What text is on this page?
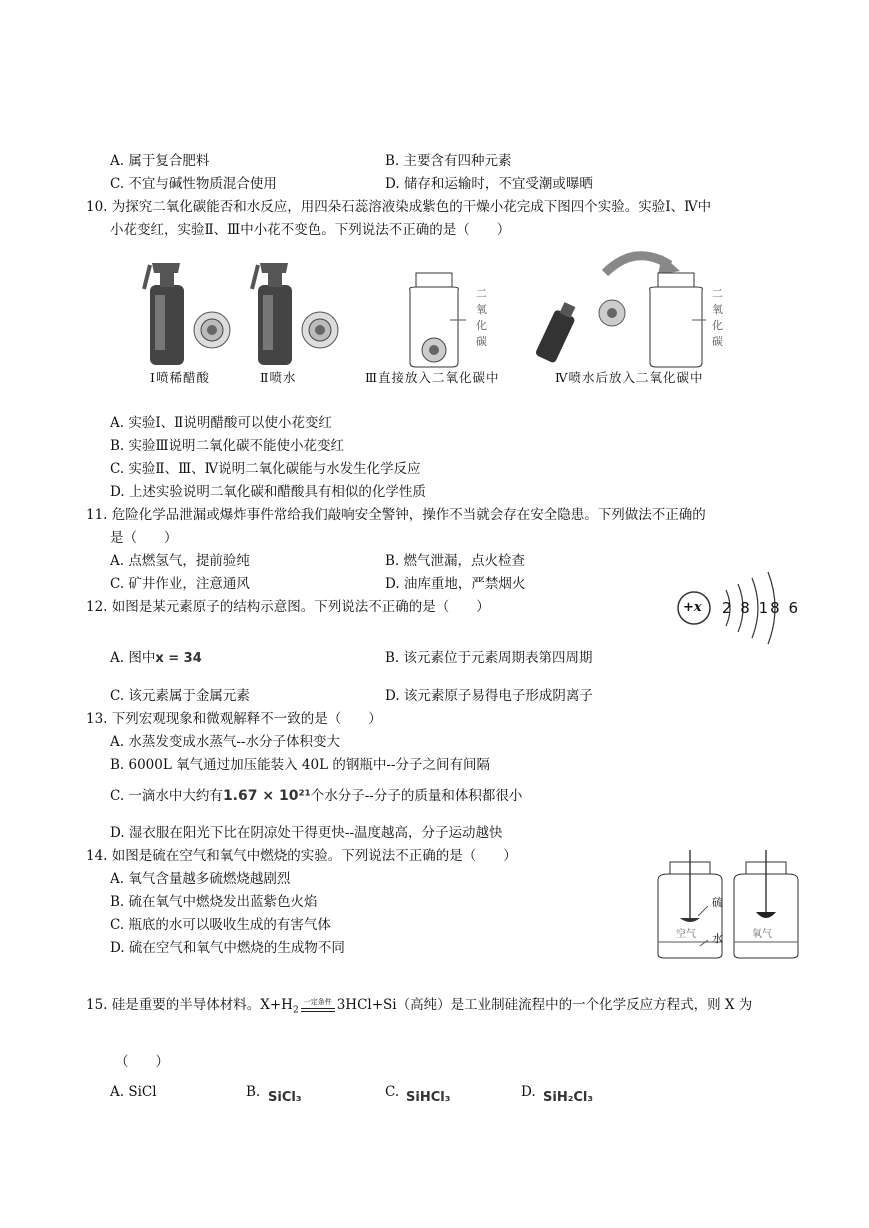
A. 属于复合肥料	B. 主要含有四种元素
C. 不宜与碱性物质混合使用	D. 储存和运输时，不宜受潮或曝晒
10. 为探究二氧化碳能否和水反应，用四朵石蕊溶液染成紫色的干燥小花完成下图四个实验。实验Ⅰ、Ⅳ中
小花变红，实验Ⅱ、Ⅲ中小花不变色。下列说法不正确的是（　　）
二
氧
化
碳
二
氧
化
碳
Ⅰ喷稀醋酸	Ⅱ喷水	Ⅲ直接放入二氧化碳中	Ⅳ喷水后放入二氧化碳中
A. 实验Ⅰ、Ⅱ说明醋酸可以使小花变红
B. 实验Ⅲ说明二氧化碳不能使小花变红
C. 实验Ⅱ、Ⅲ、Ⅳ说明二氧化碳能与水发生化学反应
D. 上述实验说明二氧化碳和醋酸具有相似的化学性质
11. 危险化学品泄漏或爆炸事件常给我们敲响安全警钟，操作不当就会存在安全隐患。下列做法不正确的
是（　　）
A. 点燃氢气，提前验纯	B. 燃气泄漏，点火检查
C. 矿井作业，注意通风	D. 油库重地，严禁烟火
12. 如图是某元素原子的结构示意图。下列说法不正确的是（　　）	+x 2 8 18 6
A. 图中x = 34	B. 该元素位于元素周期表第四周期
C. 该元素属于金属元素	D. 该元素原子易得电子形成阴离子
13. 下列宏观现象和微观解释不一致的是（　　）
A. 水蒸发变成水蒸气--水分子体积变大
B. 6000L 氧气通过加压能装入 40L 的钢瓶中--分子之间有间隔
C. 一滴水中大约有1.67 × 10²¹个水分子--分子的质量和体积都很小
D. 湿衣服在阳光下比在阴凉处干得更快--温度越高，分子运动越快
14. 如图是硫在空气和氧气中燃烧的实验。下列说法不正确的是（　　）
A. 氧气含量越多硫燃烧越剧烈
B. 硫在氧气中燃烧发出蓝紫色火焰
C. 瓶底的水可以吸收生成的有害气体
D. 硫在空气和氧气中燃烧的生成物不同
硫
水
空气	氧气
15. 硅是重要的半导体材料。$X+H_2^{一定条件}$ 3HCl+Si（高纯）是工业制硅流程中的一个化学反应方程式，则 X 为
（　　）
A. SiCl	B. SiCl₃	C. SiHCl₃	D. SiH₂Cl₃
